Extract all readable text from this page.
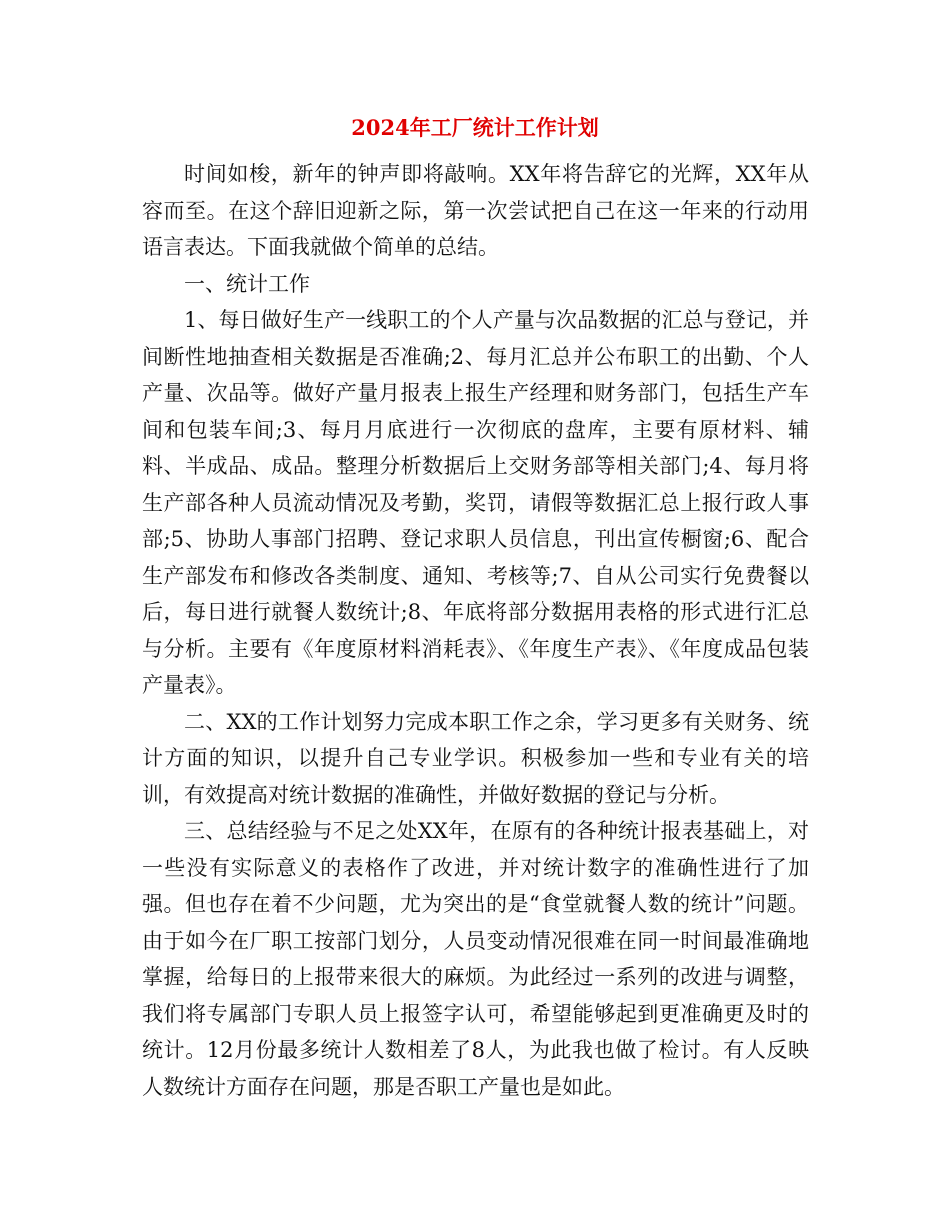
2024年工厂统计工作计划

时间如梭，新年的钟声即将敲响。XX年将告辞它的光辉，XX年从容而至。在这个辞旧迎新之际，第一次尝试把自己在这一年来的行动用语言表达。下面我就做个简单的总结。

一、统计工作

1、每日做好生产一线职工的个人产量与次品数据的汇总与登记，并间断性地抽查相关数据是否准确;2、每月汇总并公布职工的出勤、个人产量、次品等。做好产量月报表上报生产经理和财务部门，包括生产车间和包装车间;3、每月月底进行一次彻底的盘库，主要有原材料、辅料、半成品、成品。整理分析数据后上交财务部等相关部门;4、每月将生产部各种人员流动情况及考勤，奖罚，请假等数据汇总上报行政人事部;5、协助人事部门招聘、登记求职人员信息，刊出宣传橱窗;6、配合生产部发布和修改各类制度、通知、考核等;7、自从公司实行免费餐以后，每日进行就餐人数统计;8、年底将部分数据用表格的形式进行汇总与分析。主要有《年度原材料消耗表》、《年度生产表》、《年度成品包装产量表》。

二、XX的工作计划努力完成本职工作之余，学习更多有关财务、统计方面的知识，以提升自己专业学识。积极参加一些和专业有关的培训，有效提高对统计数据的准确性，并做好数据的登记与分析。

三、总结经验与不足之处XX年，在原有的各种统计报表基础上，对一些没有实际意义的表格作了改进，并对统计数字的准确性进行了加强。但也存在着不少问题，尤为突出的是“食堂就餐人数的统计”问题。由于如今在厂职工按部门划分，人员变动情况很难在同一时间最准确地掌握，给每日的上报带来很大的麻烦。为此经过一系列的改进与调整，我们将专属部门专职人员上报签字认可，希望能够起到更准确更及时的统计。12月份最多统计人数相差了8人，为此我也做了检讨。有人反映人数统计方面存在问题，那是否职工产量也是如此。
